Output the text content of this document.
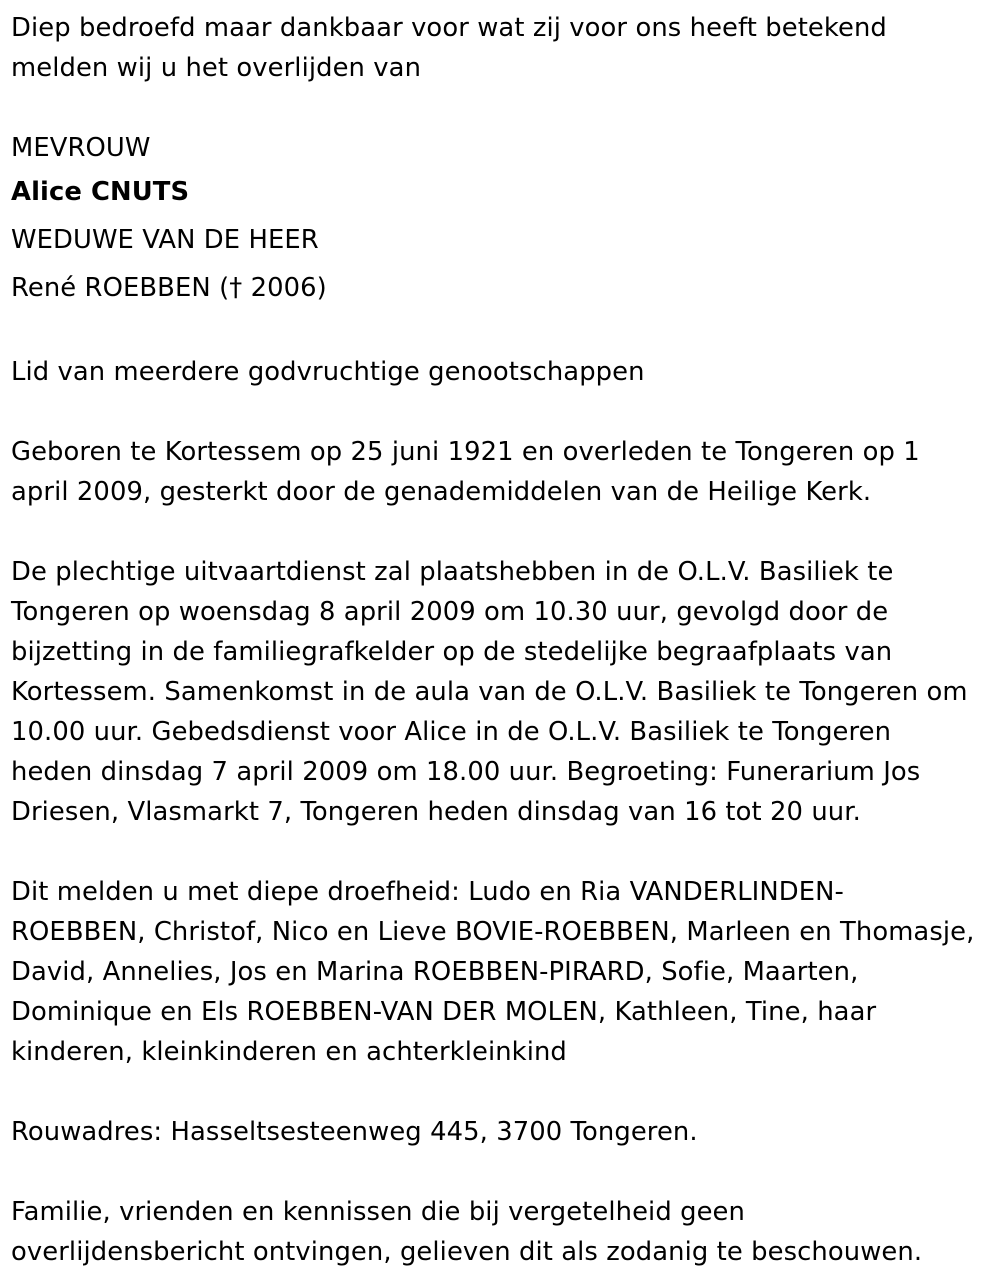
Diep bedroefd maar dankbaar voor wat zij voor ons heeft betekend
melden wij u het overlijden van
MEVROUW
Alice CNUTS
WEDUWE VAN DE HEER
René ROEBBEN († 2006)
Lid van meerdere godvruchtige genootschappen
Geboren te Kortessem op 25 juni 1921 en overleden te Tongeren op 1
april 2009, gesterkt door de genademiddelen van de Heilige Kerk.
De plechtige uitvaartdienst zal plaatshebben in de O.L.V. Basiliek te
Tongeren op woensdag 8 april 2009 om 10.30 uur, gevolgd door de
bijzetting in de familiegrafkelder op de stedelijke begraafplaats van
Kortessem. Samenkomst in de aula van de O.L.V. Basiliek te Tongeren om
10.00 uur. Gebedsdienst voor Alice in de O.L.V. Basiliek te Tongeren
heden dinsdag 7 april 2009 om 18.00 uur. Begroeting: Funerarium Jos
Driesen, Vlasmarkt 7, Tongeren heden dinsdag van 16 tot 20 uur.
Dit melden u met diepe droefheid: Ludo en Ria VANDERLINDEN-
ROEBBEN, Christof, Nico en Lieve BOVIE-ROEBBEN, Marleen en Thomasje,
David, Annelies, Jos en Marina ROEBBEN-PIRARD, Sofie, Maarten,
Dominique en Els ROEBBEN-VAN DER MOLEN, Kathleen, Tine, haar
kinderen, kleinkinderen en achterkleinkind
Rouwadres: Hasseltsesteenweg 445, 3700 Tongeren.
Familie, vrienden en kennissen die bij vergetelheid geen
overlijdensbericht ontvingen, gelieven dit als zodanig te beschouwen.
